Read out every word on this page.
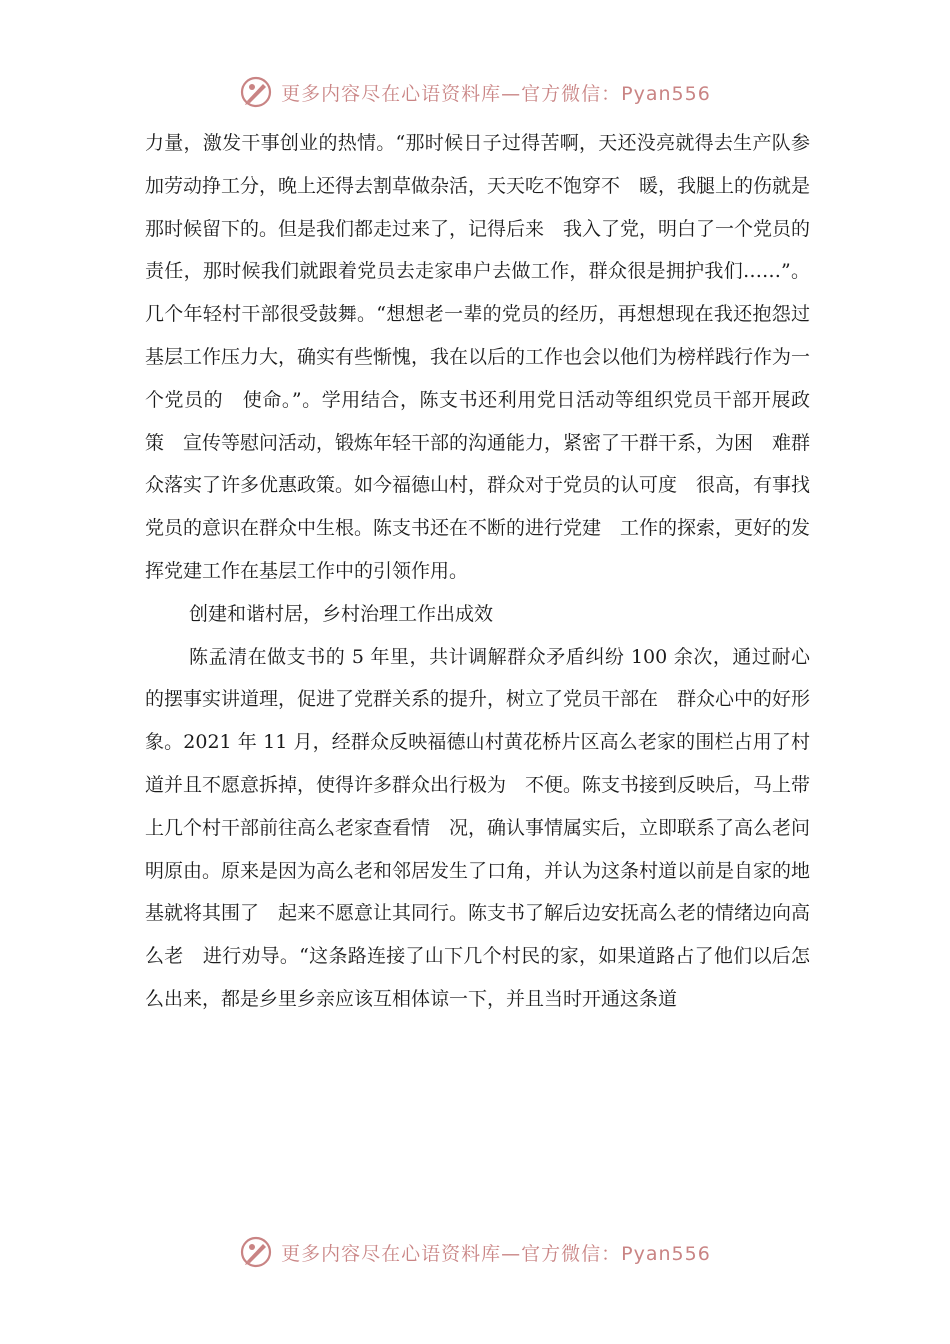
更多内容尽在心语资料库—官方微信：Pyan556

力量，激发干事创业的热情。“那时候日子过得苦啊，天还没亮就得去生产队参加劳动挣工分，晚上还得去割草做杂活，天天吃不饱穿不　暖，我腿上的伤就是那时候留下的。但是我们都走过来了，记得后来　我入了党，明白了一个党员的责任，那时候我们就跟着党员去走家串户去做工作，群众很是拥护我们……”。几个年轻村干部很受鼓舞。“想想老一辈的党员的经历，再想想现在我还抱怨过基层工作压力大，确实有些惭愧，我在以后的工作也会以他们为榜样践行作为一个党员的　使命。”。学用结合，陈支书还利用党日活动等组织党员干部开展政策　宣传等慰问活动，锻炼年轻干部的沟通能力，紧密了干群干系，为困　难群众落实了许多优惠政策。如今福德山村，群众对于党员的认可度　很高，有事找党员的意识在群众中生根。陈支书还在不断的进行党建　工作的探索，更好的发挥党建工作在基层工作中的引领作用。

创建和谐村居，乡村治理工作出成效

陈孟清在做支书的 5 年里，共计调解群众矛盾纠纷 100 余次，通过耐心的摆事实讲道理，促进了党群关系的提升，树立了党员干部在　群众心中的好形象。2021 年 11 月，经群众反映福德山村黄花桥片区高么老家的围栏占用了村道并且不愿意拆掉，使得许多群众出行极为　不便。陈支书接到反映后，马上带上几个村干部前往高么老家查看情　况，确认事情属实后，立即联系了高么老问明原由。原来是因为高么老和邻居发生了口角，并认为这条村道以前是自家的地基就将其围了　起来不愿意让其同行。陈支书了解后边安抚高么老的情绪边向高么老　进行劝导。“这条路连接了山下几个村民的家，如果道路占了他们以后怎么出来，都是乡里乡亲应该互相体谅一下，并且当时开通这条道

更多内容尽在心语资料库—官方微信：Pyan556
